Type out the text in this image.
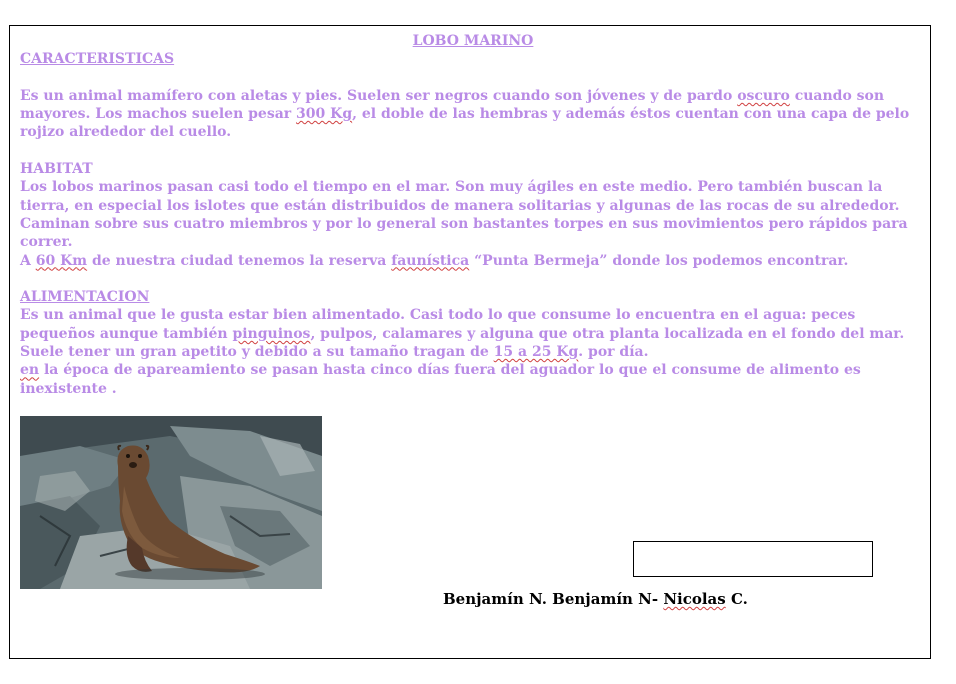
LOBO MARINO

CARACTERISTICAS

Es un animal mamífero con aletas y pies. Suelen ser negros cuando son jóvenes y de pardo oscuro cuando son mayores. Los machos suelen pesar 300 Kg, el doble de las hembras y además éstos cuentan con una capa de pelo rojizo alrededor del cuello.

HABITAT

Los lobos marinos pasan casi todo el tiempo en el mar. Son muy ágiles en este medio. Pero también buscan la tierra, en especial los islotes que están distribuidos de manera solitarias y algunas de las rocas de su alrededor. Caminan sobre sus cuatro miembros y por lo general son bastantes torpes en sus movimientos pero rápidos para correr.

A 60 Km de nuestra ciudad tenemos la reserva faunística “Punta Bermeja” donde los podemos encontrar.

ALIMENTACION

Es un animal que le gusta estar bien alimentado. Casi todo lo que consume lo encuentra en el agua: peces pequeños aunque también pinguinos, pulpos, calamares y alguna que otra planta localizada en el fondo del mar. Suele tener un gran apetito y debido a su tamaño tragan de 15 a 25 Kg. por día.

en la época de apareamiento se pasan hasta cinco días fuera del aguador lo que el consume de alimento es inexistente .

Benjamín N. Benjamín N- Nicolas C.
